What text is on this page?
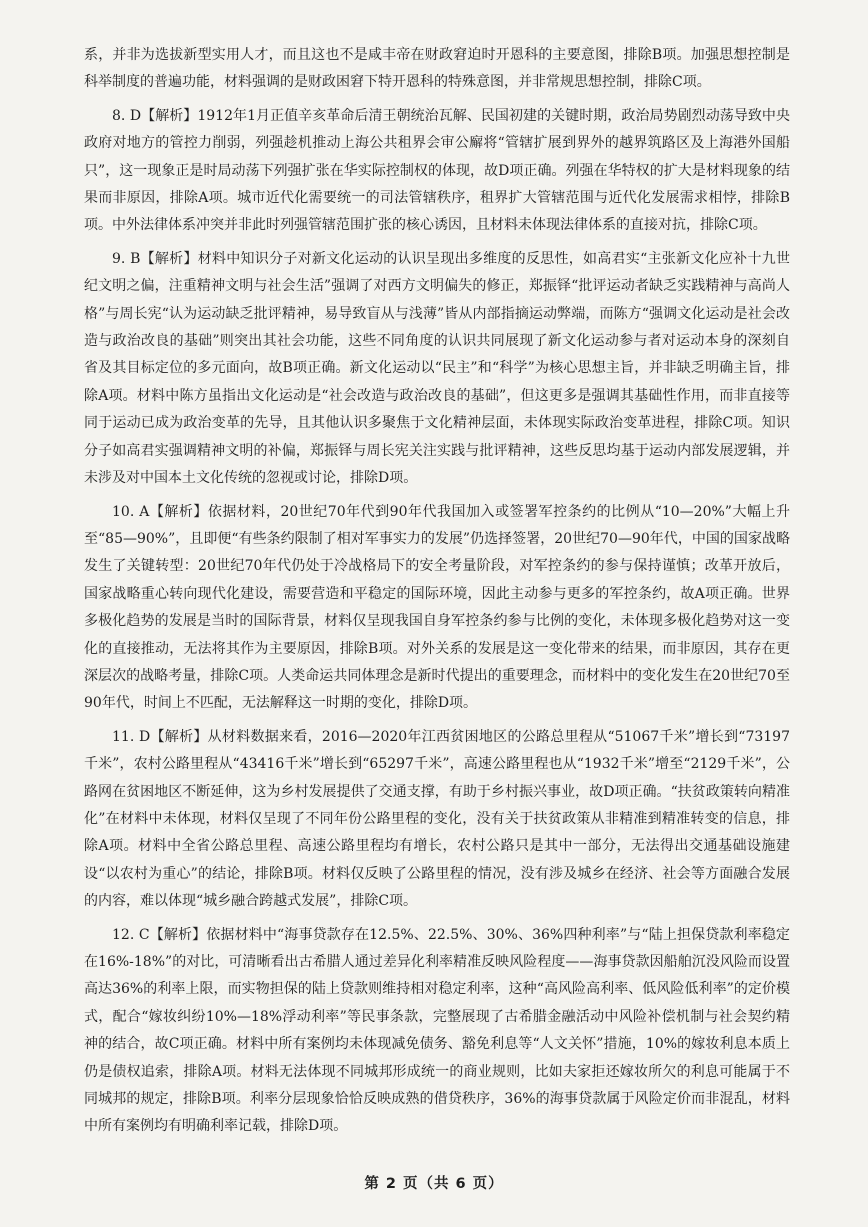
系，并非为选拔新型实用人才，而且这也不是咸丰帝在财政窘迫时开恩科的主要意图，排除B项。加强思想控制是科举制度的普遍功能，材料强调的是财政困窘下特开恩科的特殊意图，并非常规思想控制，排除C项。

8. D【解析】1912年1月正值辛亥革命后清王朝统治瓦解、民国初建的关键时期，政治局势剧烈动荡导致中央政府对地方的管控力削弱，列强趁机推动上海公共租界会审公廨将“管辖扩展到界外的越界筑路区及上海港外国船只”，这一现象正是时局动荡下列强扩张在华实际控制权的体现，故D项正确。列强在华特权的扩大是材料现象的结果而非原因，排除A项。城市近代化需要统一的司法管辖秩序，租界扩大管辖范围与近代化发展需求相悖，排除B项。中外法律体系冲突并非此时列强管辖范围扩张的核心诱因，且材料未体现法律体系的直接对抗，排除C项。

9. B【解析】材料中知识分子对新文化运动的认识呈现出多维度的反思性，如高君实“主张新文化应补十九世纪文明之偏，注重精神文明与社会生活”强调了对西方文明偏失的修正，郑振铎“批评运动者缺乏实践精神与高尚人格”与周长宪“认为运动缺乏批评精神，易导致盲从与浅薄”皆从内部指摘运动弊端，而陈方“强调文化运动是社会改造与政治改良的基础”则突出其社会功能，这些不同角度的认识共同展现了新文化运动参与者对运动本身的深刻自省及其目标定位的多元面向，故B项正确。新文化运动以“民主”和“科学”为核心思想主旨，并非缺乏明确主旨，排除A项。材料中陈方虽指出文化运动是“社会改造与政治改良的基础”，但这更多是强调其基础性作用，而非直接等同于运动已成为政治变革的先导，且其他认识多聚焦于文化精神层面，未体现实际政治变革进程，排除C项。知识分子如高君实强调精神文明的补偏，郑振铎与周长宪关注实践与批评精神，这些反思均基于运动内部发展逻辑，并未涉及对中国本土文化传统的忽视或讨论，排除D项。

10. A【解析】依据材料，20世纪70年代到90年代我国加入或签署军控条约的比例从“10—20%”大幅上升至“85—90%”，且即便“有些条约限制了相对军事实力的发展”仍选择签署，20世纪70—90年代，中国的国家战略发生了关键转型：20世纪70年代仍处于冷战格局下的安全考量阶段，对军控条约的参与保持谨慎；改革开放后，国家战略重心转向现代化建设，需要营造和平稳定的国际环境，因此主动参与更多的军控条约，故A项正确。世界多极化趋势的发展是当时的国际背景，材料仅呈现我国自身军控条约参与比例的变化，未体现多极化趋势对这一变化的直接推动，无法将其作为主要原因，排除B项。对外关系的发展是这一变化带来的结果，而非原因，其存在更深层次的战略考量，排除C项。人类命运共同体理念是新时代提出的重要理念，而材料中的变化发生在20世纪70至90年代，时间上不匹配，无法解释这一时期的变化，排除D项。

11. D【解析】从材料数据来看，2016—2020年江西贫困地区的公路总里程从“51067千米”增长到“73197千米”，农村公路里程从“43416千米”增长到“65297千米”，高速公路里程也从“1932千米”增至“2129千米”，公路网在贫困地区不断延伸，这为乡村发展提供了交通支撑，有助于乡村振兴事业，故D项正确。“扶贫政策转向精准化”在材料中未体现，材料仅呈现了不同年份公路里程的变化，没有关于扶贫政策从非精准到精准转变的信息，排除A项。材料中全省公路总里程、高速公路里程均有增长，农村公路只是其中一部分，无法得出交通基础设施建设“以农村为重心”的结论，排除B项。材料仅反映了公路里程的情况，没有涉及城乡在经济、社会等方面融合发展的内容，难以体现“城乡融合跨越式发展”，排除C项。

12. C【解析】依据材料中“海事贷款存在12.5%、22.5%、30%、36%四种利率”与“陆上担保贷款利率稳定在16%-18%”的对比，可清晰看出古希腊人通过差异化利率精准反映风险程度——海事贷款因船舶沉没风险而设置高达36%的利率上限，而实物担保的陆上贷款则维持相对稳定利率，这种“高风险高利率、低风险低利率”的定价模式，配合“嫁妆纠纷10%—18%浮动利率”等民事条款，完整展现了古希腊金融活动中风险补偿机制与社会契约精神的结合，故C项正确。材料中所有案例均未体现减免债务、豁免利息等“人文关怀”措施，10%的嫁妆利息本质上仍是债权追索，排除A项。材料无法体现不同城邦形成统一的商业规则，比如夫家拒还嫁妆所欠的利息可能属于不同城邦的规定，排除B项。利率分层现象恰恰反映成熟的借贷秩序，36%的海事贷款属于风险定价而非混乱，材料中所有案例均有明确利率记载，排除D项。

第 2 页（共 6 页）
